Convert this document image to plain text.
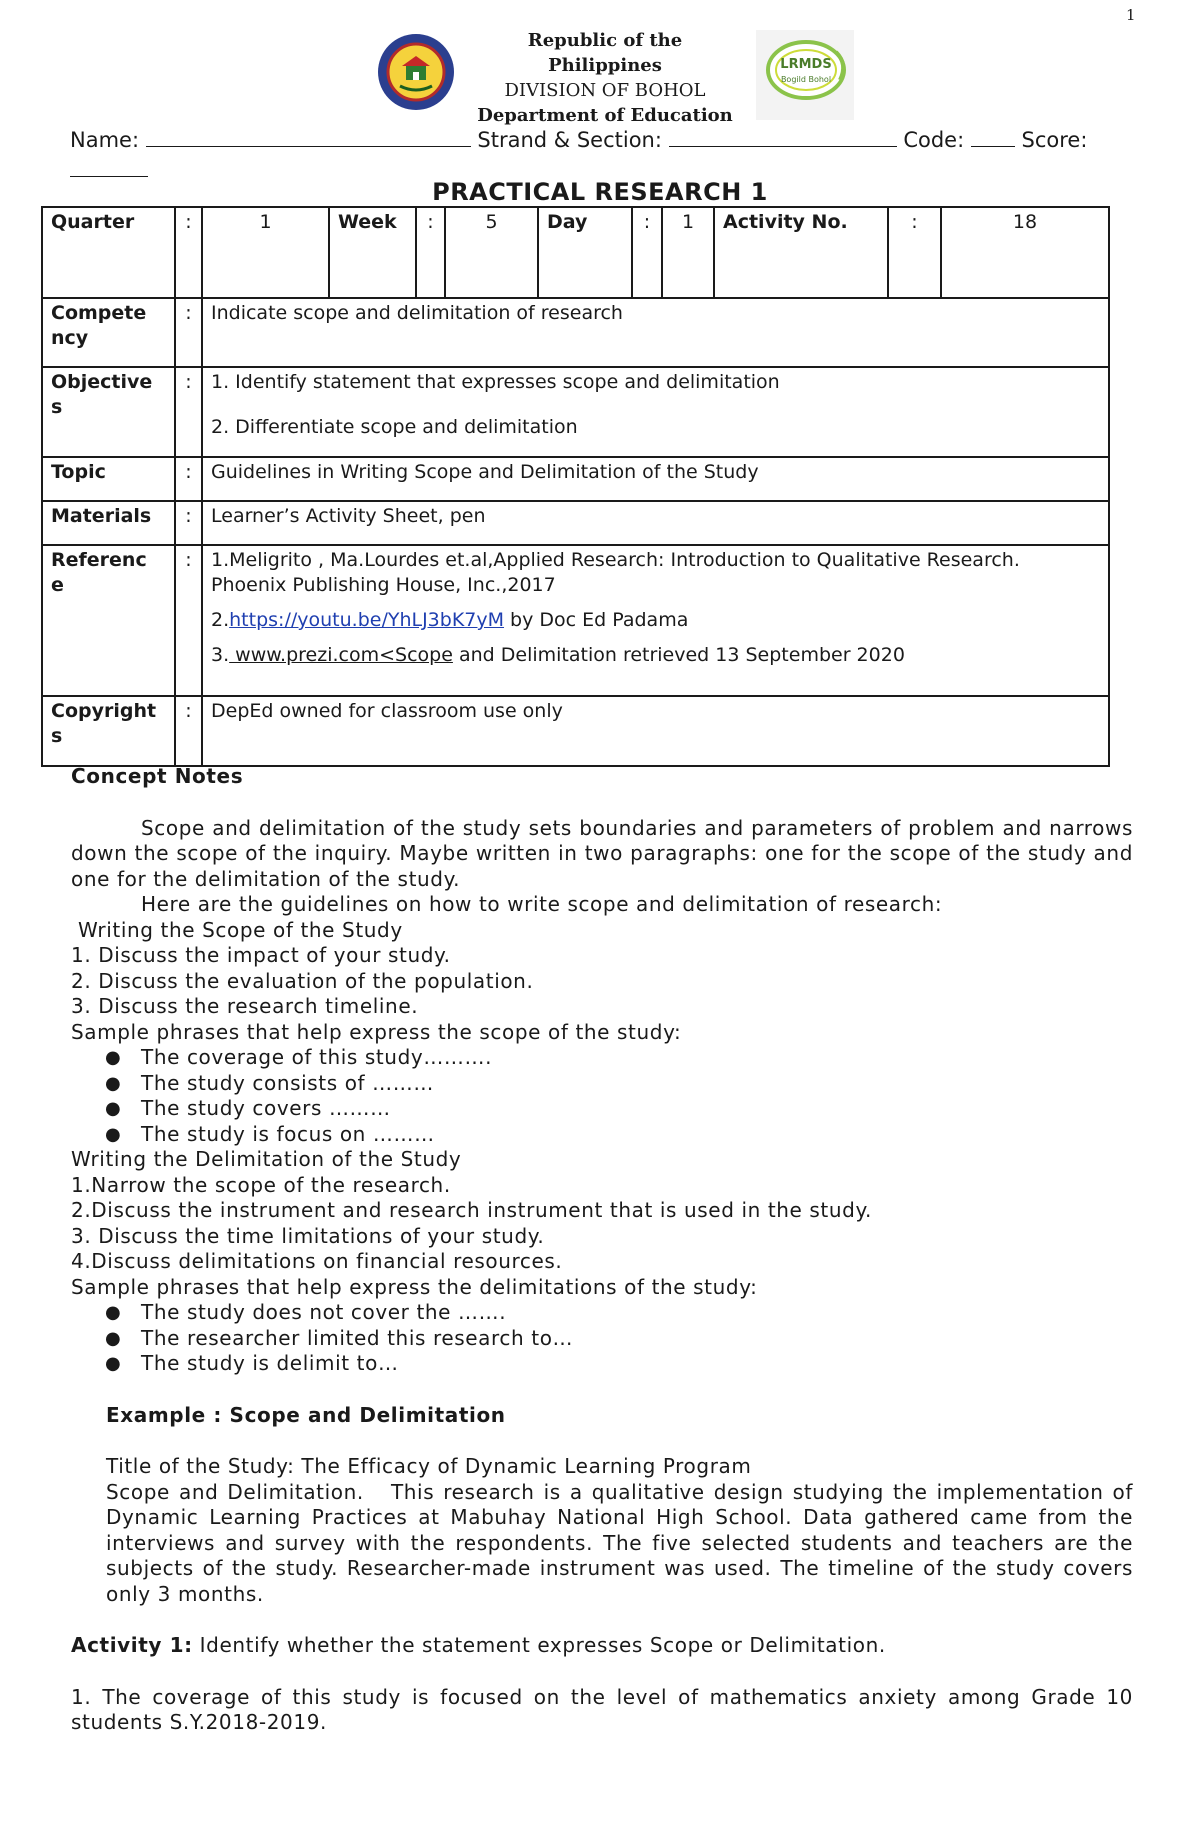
1
Republic of the Philippines
DIVISION OF BOHOL
Department of Education
LRMDS
Bogild Bohol
Name:	Strand & Section:	Code:	Score:
PRACTICAL RESEARCH 1
Quarter	:	1	Week	:	5	Day	:	1	Activity No.	:	18
Compete ncy	:	Indicate scope and delimitation of research									
Objective s	:	1. Identify statement that expresses scope and delimitation

2. Differentiate scope and delimitation									

Topic	:	Guidelines in Writing Scope and Delimitation of the Study									
Materials	:	Learner’s Activity Sheet, pen									
Referenc e	:	1.Meligrito , Ma.Lourdes et.al,Applied Research: Introduction to Qualitative Research. Phoenix Publishing House, Inc.,2017

2.https://youtu.be/YhLJ3bK7yM by Doc Ed Padama

3. www.prezi.com<Scope and Delimitation retrieved 13 September 2020									

Copyright s	:	DepEd owned for classroom use only									

Concept Notes

Scope and delimitation of the study sets boundaries and parameters of problem and narrows down the scope of the inquiry. Maybe written in two paragraphs: one for the scope of the study and one for the delimitation of the study.

Here are the guidelines on how to write scope and delimitation of research:

Writing the Scope of the Study

1. Discuss the impact of your study.

2. Discuss the evaluation of the population.

3. Discuss the research timeline.

Sample phrases that help express the scope of the study:

● The coverage of this study……….
● The study consists of ………
● The study covers ………
● The study is focus on ………

Writing the Delimitation of the Study

1.Narrow the scope of the research.

2.Discuss the instrument and research instrument that is used in the study.

3. Discuss the time limitations of your study.

4.Discuss delimitations on financial resources.

Sample phrases that help express the delimitations of the study:

● The study does not cover the …….
● The researcher limited this research to…
● The study is delimit to…

Example : Scope and Delimitation

Title of the Study: The Efficacy of Dynamic Learning Program

Scope and Delimitation.   This research is a qualitative design studying the implementation of Dynamic Learning Practices at Mabuhay National High School. Data gathered came from the interviews and survey with the respondents. The five selected students and teachers are the subjects of the study. Researcher-made instrument was used. The timeline of the study covers only 3 months.

Activity 1: Identify whether the statement expresses Scope or Delimitation.

1. The coverage of this study is focused on the level of mathematics anxiety among Grade 10 students S.Y.2018-2019.
